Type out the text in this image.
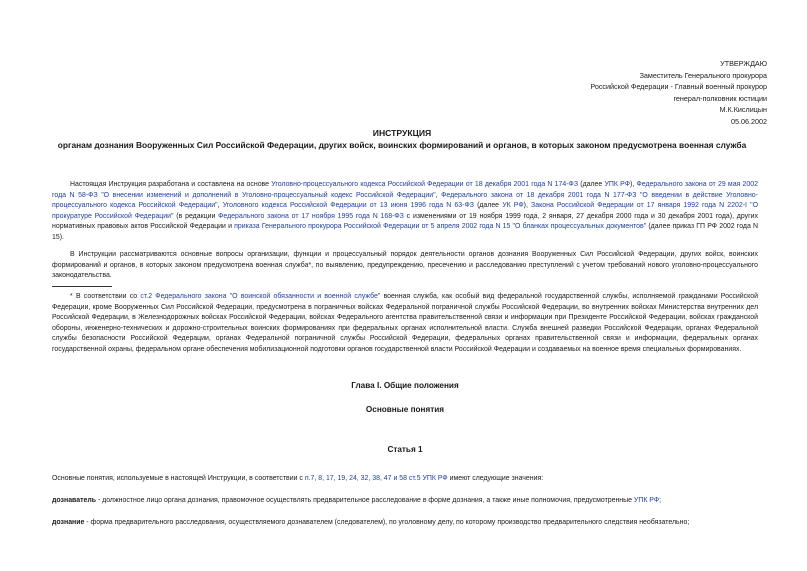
УТВЕРЖДАЮ
Заместитель Генерального прокурора
Российской Федерации - Главный военный прокурор
генерал-полковник юстиции
М.К.Кислицын
05.06.2002
ИНСТРУКЦИЯ
органам дознания Вооруженных Сил Российской Федерации, других войск, воинских формирований и органов, в которых законом предусмотрена военная служба
Настоящая Инструкция разработана и составлена на основе Уголовно-процессуального кодекса Российской Федерации от 18 декабря 2001 года N 174-ФЗ (далее УПК РФ), Федерального закона от 29 мая 2002 года N 58-ФЗ "О внесении изменений и дополнений в Уголовно-процессуальный кодекс Российской Федерации", Федерального закона от 18 декабря 2001 года N 177-ФЗ "О введении в действие Уголовно-процессуального кодекса Российской Федерации", Уголовного кодекса Российской Федерации от 13 июня 1996 года N 63-ФЗ (далее УК РФ), Закона Российской Федерации от 17 января 1992 года N 2202-I "О прокуратуре Российской Федерации" (в редакции Федерального закона от 17 ноября 1995 года N 168-ФЗ с изменениями от 19 ноября 1999 года, 2 января, 27 декабря 2000 года и 30 декабря 2001 года), других нормативных правовых актов Российской Федерации и приказа Генерального прокурора Российской Федерации от 5 апреля 2002 года N 15 "О бланках процессуальных документов" (далее приказ ГП РФ 2002 года N 15).
В Инструкции рассматриваются основные вопросы организации, функции и процессуальный порядок деятельности органов дознания Вооруженных Сил Российской Федерации, других войск, воинских формирований и органов, в которых законом предусмотрена военная служба*, по выявлению, предупреждению, пресечению и расследованию преступлений с учетом требований нового уголовно-процессуального законодательства.
* В соответствии со ст.2 Федерального закона "О воинской обязанности и военной службе" военная служба, как особый вид федеральной государственной службы, исполняемой гражданами Российской Федерации, кроме Вооруженных Сил Российской Федерации, предусмотрена в пограничных войсках Федеральной пограничной службы Российской Федерации, во внутренних войсках Министерства внутренних дел Российской Федерации, в Железнодорожных войсках Российской Федерации, войсках Федерального агентства правительственной связи и информации при Президенте Российской Федерации, войсках гражданской обороны, инженерно-технических и дорожно-строительных воинских формированиях при федеральных органах исполнительной власти. Служба внешней разведки Российской Федерации, органах Федеральной службы безопасности Российской Федерации, органах Федеральной пограничной службы Российской Федерации, федеральных органах правительственной связи и информации, федеральных органах государственной охраны, федеральном органе обеспечения мобилизационной подготовки органов государственной власти Российской Федерации и создаваемых на военное время специальных формированиях.
Глава I. Общие положения
Основные понятия
Статья 1
Основные понятия, используемые в настоящей Инструкции, в соответствии с п.7, 8, 17, 19, 24, 32, 38, 47 и 58 ст.5 УПК РФ имеют следующие значения:
дознаватель - должностное лицо органа дознания, правомочное осуществлять предварительное расследование в форме дознания, а также иные полномочия, предусмотренные УПК РФ;
дознание - форма предварительного расследования, осуществляемого дознавателем (следователем), по уголовному делу, по которому производство предварительного следствия необязательно;
